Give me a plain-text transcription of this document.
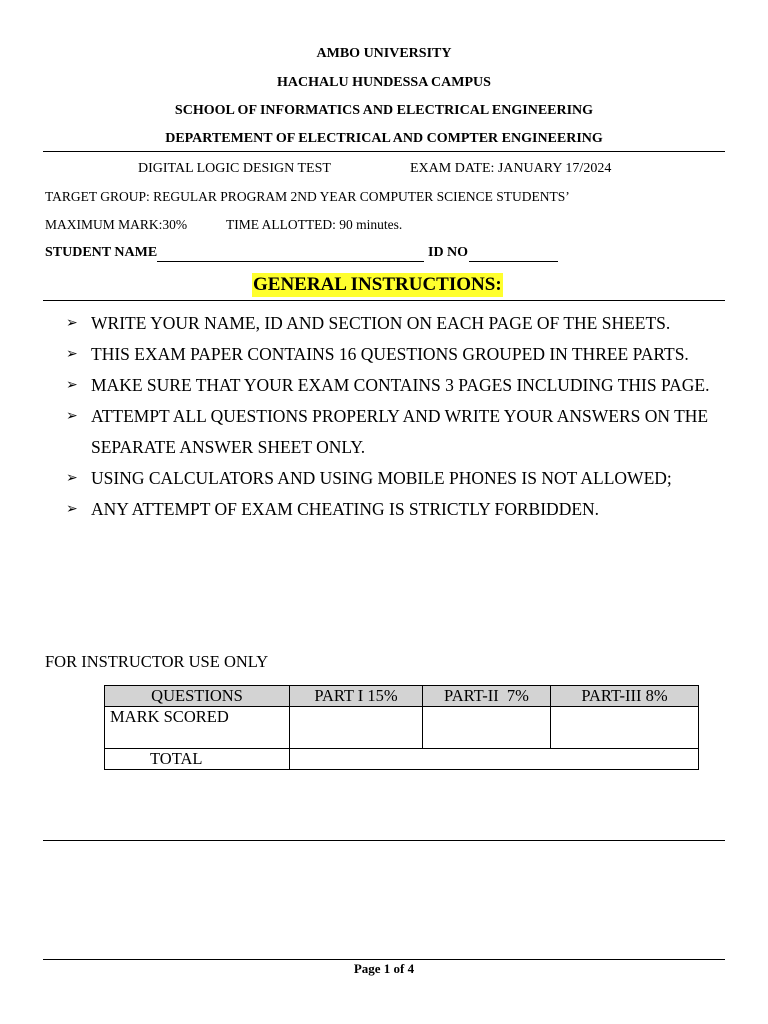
AMBO UNIVERSITY
HACHALU HUNDESSA CAMPUS
SCHOOL OF INFORMATICS AND ELECTRICAL ENGINEERING
DEPARTEMENT OF ELECTRICAL AND COMPTER ENGINEERING
DIGITAL LOGIC DESIGN TEST	EXAM DATE: JANUARY 17/2024
TARGET GROUP: REGULAR PROGRAM 2ND YEAR COMPUTER SCIENCE STUDENTS’
MAXIMUM MARK:30%	TIME ALLOTTED: 90 minutes.
STUDENT NAME	ID NO
GENERAL INSTRUCTIONS:
➢ WRITE YOUR NAME, ID AND SECTION ON EACH PAGE OF THE SHEETS.
➢ THIS EXAM PAPER CONTAINS 16 QUESTIONS GROUPED IN THREE PARTS.
➢ MAKE SURE THAT YOUR EXAM CONTAINS 3 PAGES INCLUDING THIS PAGE.
➢ ATTEMPT ALL QUESTIONS PROPERLY AND WRITE YOUR ANSWERS ON THE SEPARATE ANSWER SHEET ONLY.
➢ USING CALCULATORS AND USING MOBILE PHONES IS NOT ALLOWED;
➢ ANY ATTEMPT OF EXAM CHEATING IS STRICTLY FORBIDDEN.
FOR INSTRUCTOR USE ONLY
QUESTIONS	PART I 15%	PART-II  7%	PART-III 8%
MARK SCORED			
TOTAL			
Page 1 of 4
